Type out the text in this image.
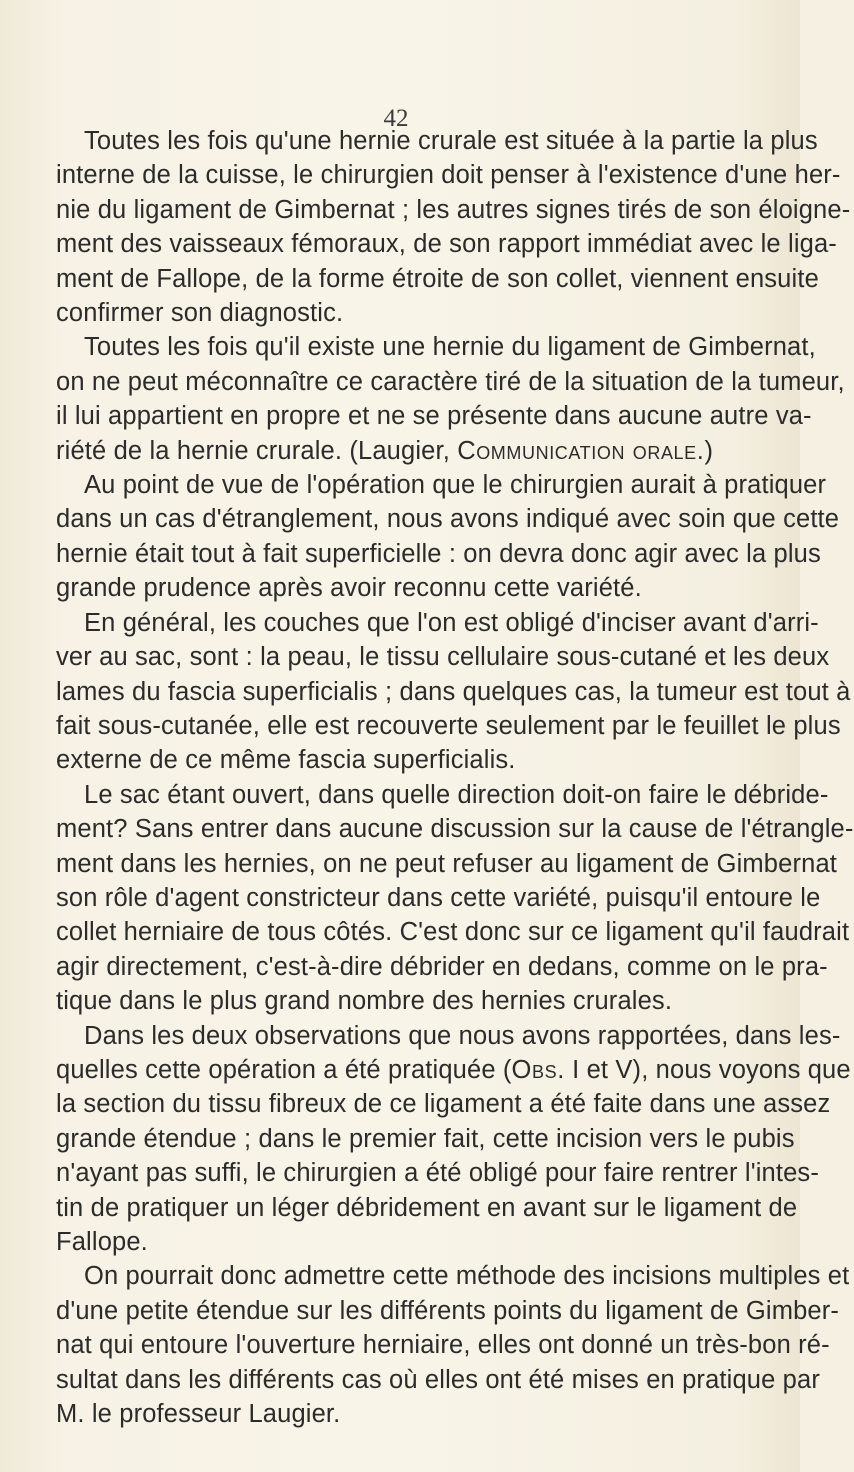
42
Toutes les fois qu'une hernie crurale est située à la partie la plus
interne de la cuisse, le chirurgien doit penser à l'existence d'une her-
nie du ligament de Gimbernat ; les autres signes tirés de son éloigne-
ment des vaisseaux fémoraux, de son rapport immédiat avec le liga-
ment de Fallope, de la forme étroite de son collet, viennent ensuite
confirmer son diagnostic.
Toutes les fois qu'il existe une hernie du ligament de Gimbernat,
on ne peut méconnaître ce caractère tiré de la situation de la tumeur,
il lui appartient en propre et ne se présente dans aucune autre va-
riété de la hernie crurale. (Laugier, Communication orale.)
Au point de vue de l'opération que le chirurgien aurait à pratiquer
dans un cas d'étranglement, nous avons indiqué avec soin que cette
hernie était tout à fait superficielle : on devra donc agir avec la plus
grande prudence après avoir reconnu cette variété.
En général, les couches que l'on est obligé d'inciser avant d'arri-
ver au sac, sont : la peau, le tissu cellulaire sous-cutané et les deux
lames du fascia superficialis ; dans quelques cas, la tumeur est tout à
fait sous-cutanée, elle est recouverte seulement par le feuillet le plus
externe de ce même fascia superficialis.
Le sac étant ouvert, dans quelle direction doit-on faire le débride-
ment? Sans entrer dans aucune discussion sur la cause de l'étrangle-
ment dans les hernies, on ne peut refuser au ligament de Gimbernat
son rôle d'agent constricteur dans cette variété, puisqu'il entoure le
collet herniaire de tous côtés. C'est donc sur ce ligament qu'il faudrait
agir directement, c'est-à-dire débrider en dedans, comme on le pra-
tique dans le plus grand nombre des hernies crurales.
Dans les deux observations que nous avons rapportées, dans les-
quelles cette opération a été pratiquée (Obs. I et V), nous voyons que
la section du tissu fibreux de ce ligament a été faite dans une assez
grande étendue ; dans le premier fait, cette incision vers le pubis
n'ayant pas suffi, le chirurgien a été obligé pour faire rentrer l'intes-
tin de pratiquer un léger débridement en avant sur le ligament de
Fallope.
On pourrait donc admettre cette méthode des incisions multiples et
d'une petite étendue sur les différents points du ligament de Gimber-
nat qui entoure l'ouverture herniaire, elles ont donné un très-bon ré-
sultat dans les différents cas où elles ont été mises en pratique par
M. le professeur Laugier.
